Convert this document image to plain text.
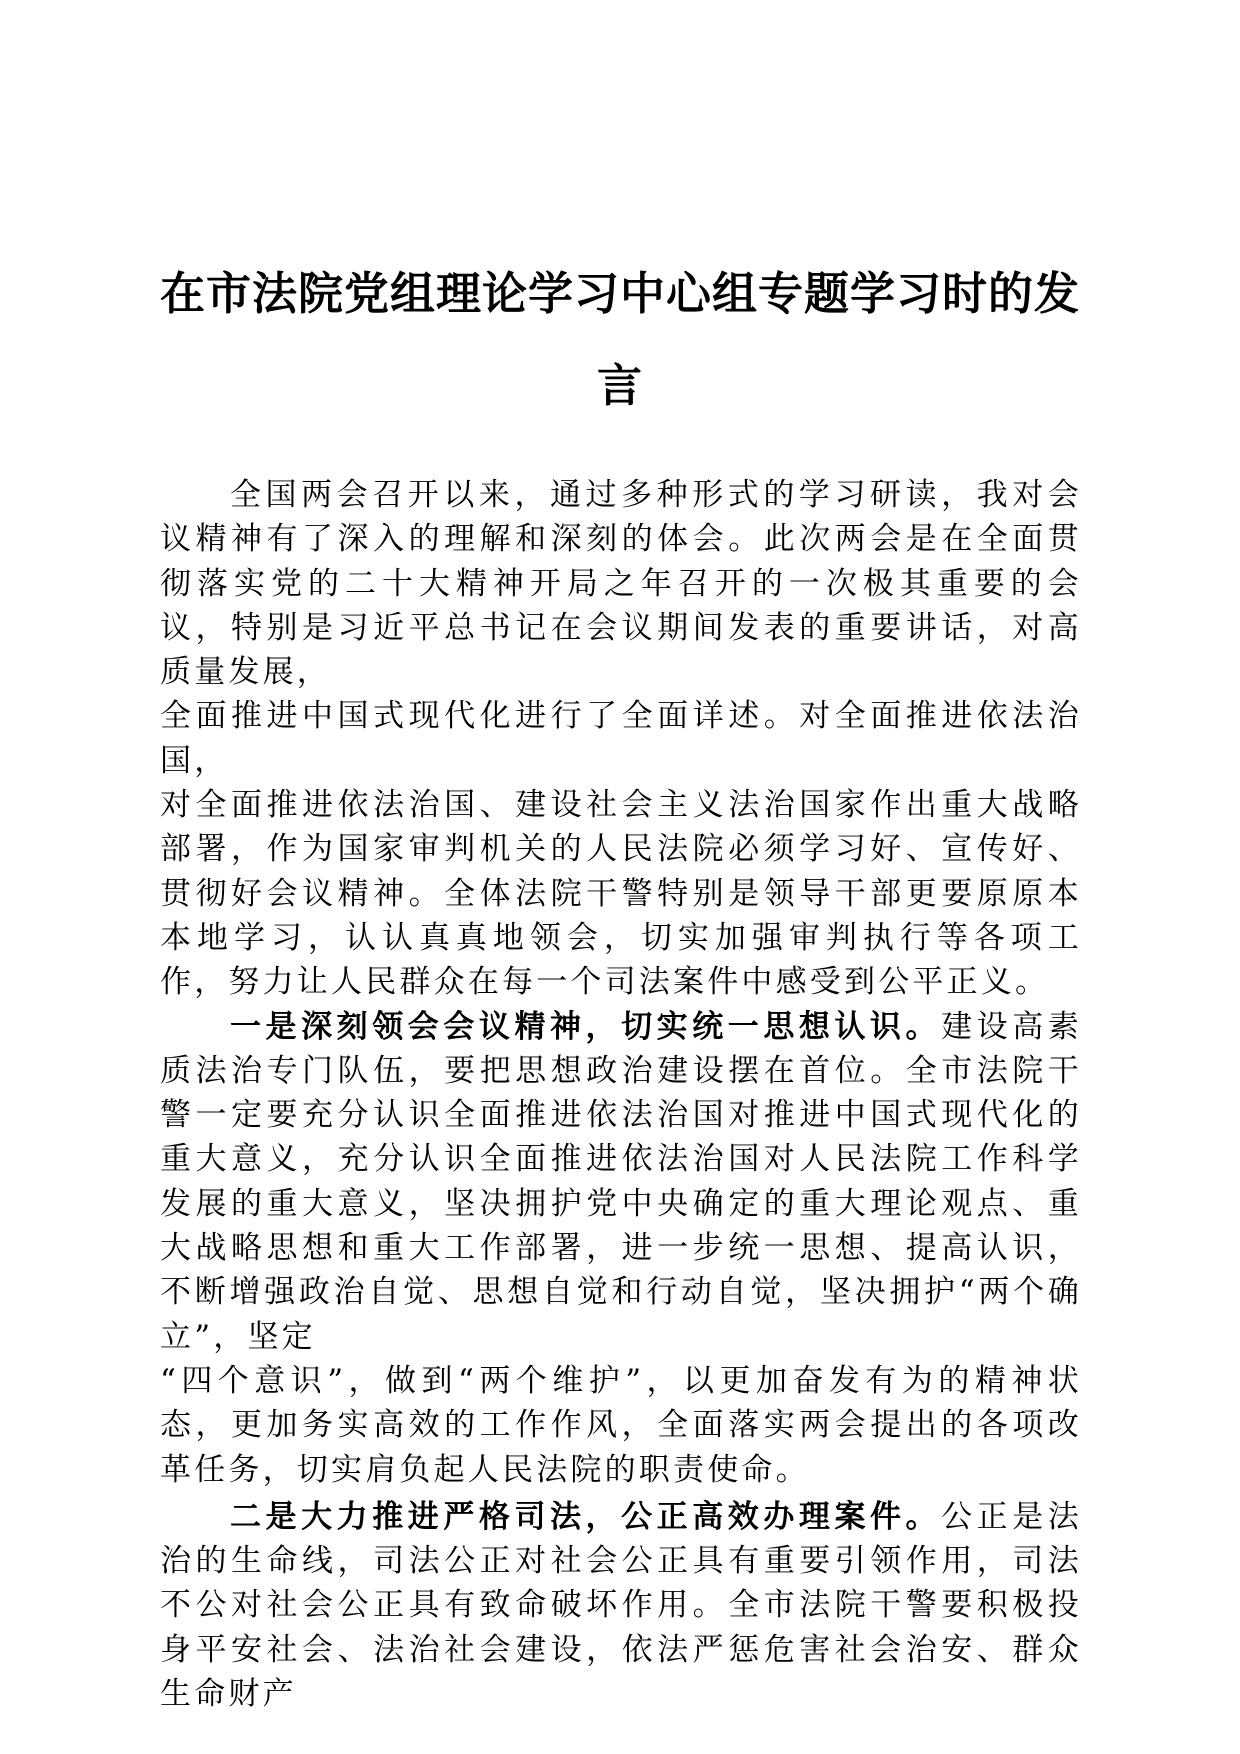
在市法院党组理论学习中心组专题学习时的发言

全国两会召开以来，通过多种形式的学习研读，我对会议精神有了深入的理解和深刻的体会。此次两会是在全面贯彻落实党的二十大精神开局之年召开的一次极其重要的会议，特别是习近平总书记在会议期间发表的重要讲话，对高质量发展，
全面推进中国式现代化进行了全面详述。对全面推进依法治国，
对全面推进依法治国、建设社会主义法治国家作出重大战略部署，作为国家审判机关的人民法院必须学习好、宣传好、贯彻好会议精神。全体法院干警特别是领导干部更要原原本本地学习，认认真真地领会，切实加强审判执行等各项工作，努力让人民群众在每一个司法案件中感受到公平正义。

一是深刻领会会议精神，切实统一思想认识。建设高素质法治专门队伍，要把思想政治建设摆在首位。全市法院干警一定要充分认识全面推进依法治国对推进中国式现代化的重大意义，充分认识全面推进依法治国对人民法院工作科学发展的重大意义，坚决拥护党中央确定的重大理论观点、重大战略思想和重大工作部署，进一步统一思想、提高认识，不断增强政治自觉、思想自觉和行动自觉，坚决拥护“两个确立”，坚定
“四个意识”，做到“两个维护”，以更加奋发有为的精神状态，更加务实高效的工作作风，全面落实两会提出的各项改革任务，切实肩负起人民法院的职责使命。

二是大力推进严格司法，公正高效办理案件。公正是法治的生命线，司法公正对社会公正具有重要引领作用，司法不公对社会公正具有致命破坏作用。全市法院干警要积极投身平安社会、法治社会建设，依法严惩危害社会治安、群众生命财产
